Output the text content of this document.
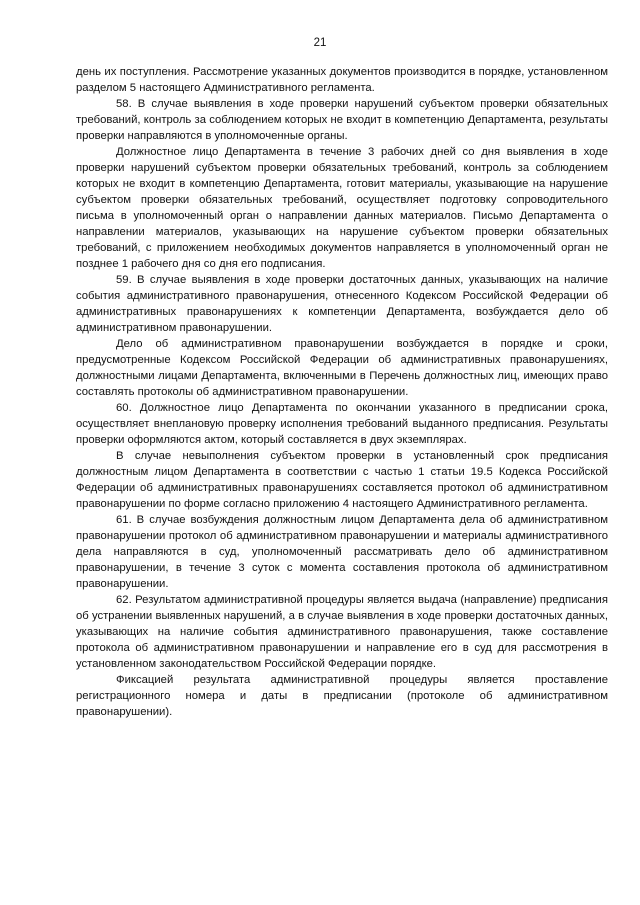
21

день их поступления. Рассмотрение указанных документов производится в порядке, установленном разделом 5 настоящего Административного регламента.

58. В случае выявления в ходе проверки нарушений субъектом проверки обязательных требований, контроль за соблюдением которых не входит в компетенцию Департамента, результаты проверки направляются в уполномоченные органы.

Должностное лицо Департамента в течение 3 рабочих дней со дня выявления в ходе проверки нарушений субъектом проверки обязательных требований, контроль за соблюдением которых не входит в компетенцию Департамента, готовит материалы, указывающие на нарушение субъектом проверки обязательных требований, осуществляет подготовку сопроводительного письма в уполномоченный орган о направлении данных материалов. Письмо Департамента о направлении материалов, указывающих на нарушение субъектом проверки обязательных требований, с приложением необходимых документов направляется в уполномоченный орган не позднее 1 рабочего дня со дня его подписания.

59. В случае выявления в ходе проверки достаточных данных, указывающих на наличие события административного правонарушения, отнесенного Кодексом Российской Федерации об административных правонарушениях к компетенции Департамента, возбуждается дело об административном правонарушении.

Дело об административном правонарушении возбуждается в порядке и сроки, предусмотренные Кодексом Российской Федерации об административных правонарушениях, должностными лицами Департамента, включенными в Перечень должностных лиц, имеющих право составлять протоколы об административном правонарушении.

60. Должностное лицо Департамента по окончании указанного в предписании срока, осуществляет внеплановую проверку исполнения требований выданного предписания. Результаты проверки оформляются актом, который составляется в двух экземплярах.

В случае невыполнения субъектом проверки в установленный срок предписания должностным лицом Департамента в соответствии с частью 1 статьи 19.5 Кодекса Российской Федерации об административных правонарушениях составляется протокол об административном правонарушении по форме согласно приложению 4 настоящего Административного регламента.

61. В случае возбуждения должностным лицом Департамента дела об административном правонарушении протокол об административном правонарушении и материалы административного дела направляются в суд, уполномоченный рассматривать дело об административном правонарушении, в течение 3 суток с момента составления протокола об административном правонарушении.

62. Результатом административной процедуры является выдача (направление) предписания об устранении выявленных нарушений, а в случае выявления в ходе проверки достаточных данных, указывающих на наличие события административного правонарушения, также составление протокола об административном правонарушении и направление его в суд для рассмотрения в установленном законодательством Российской Федерации порядке.

Фиксацией результата административной процедуры является проставление регистрационного номера и даты в предписании (протоколе об административном правонарушении).
